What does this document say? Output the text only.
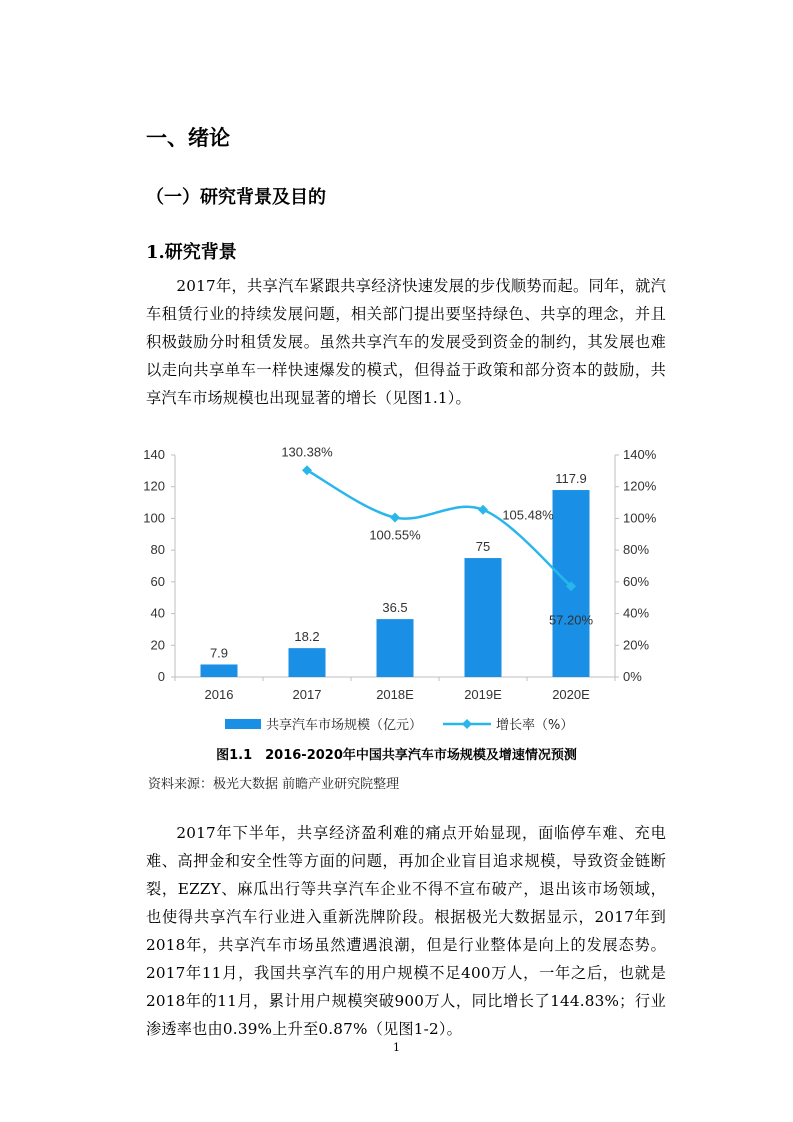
一、绪论
（一）研究背景及目的
1.研究背景

2017年，共享汽车紧跟共享经济快速发展的步伐顺势而起。同年，就汽车租赁行业的持续发展问题，相关部门提出要坚持绿色、共享的理念，并且积极鼓励分时租赁发展。虽然共享汽车的发展受到资金的制约，其发展也难以走向共享单车一样快速爆发的模式，但得益于政策和部分资本的鼓励，共享汽车市场规模也出现显著的增长（见图1.1）。

0
20
40
60
80
100
120
140
0%
20%
40%
60%
80%
100%
120%
140%
2016	2017	2018E	2019E	2020E
7.9
18.2
36.5
75
117.9
130.38%
100.55%
105.48%
57.20%
共享汽车市场规模（亿元）	增长率（%）
图1.1　2016-2020年中国共享汽车市场规模及增速情况预测
资料来源：极光大数据 前瞻产业研究院整理

2017年下半年，共享经济盈利难的痛点开始显现，面临停车难、充电难、高押金和安全性等方面的问题，再加企业盲目追求规模，导致资金链断裂，EZZY、麻瓜出行等共享汽车企业不得不宣布破产，退出该市场领域，也使得共享汽车行业进入重新洗牌阶段。根据极光大数据显示，2017年到2018年，共享汽车市场虽然遭遇浪潮，但是行业整体是向上的发展态势。2017年11月，我国共享汽车的用户规模不足400万人，一年之后，也就是2018年的11月，累计用户规模突破900万人，同比增长了144.83%；行业渗透率也由0.39%上升至0.87%（见图1-2）。

1
